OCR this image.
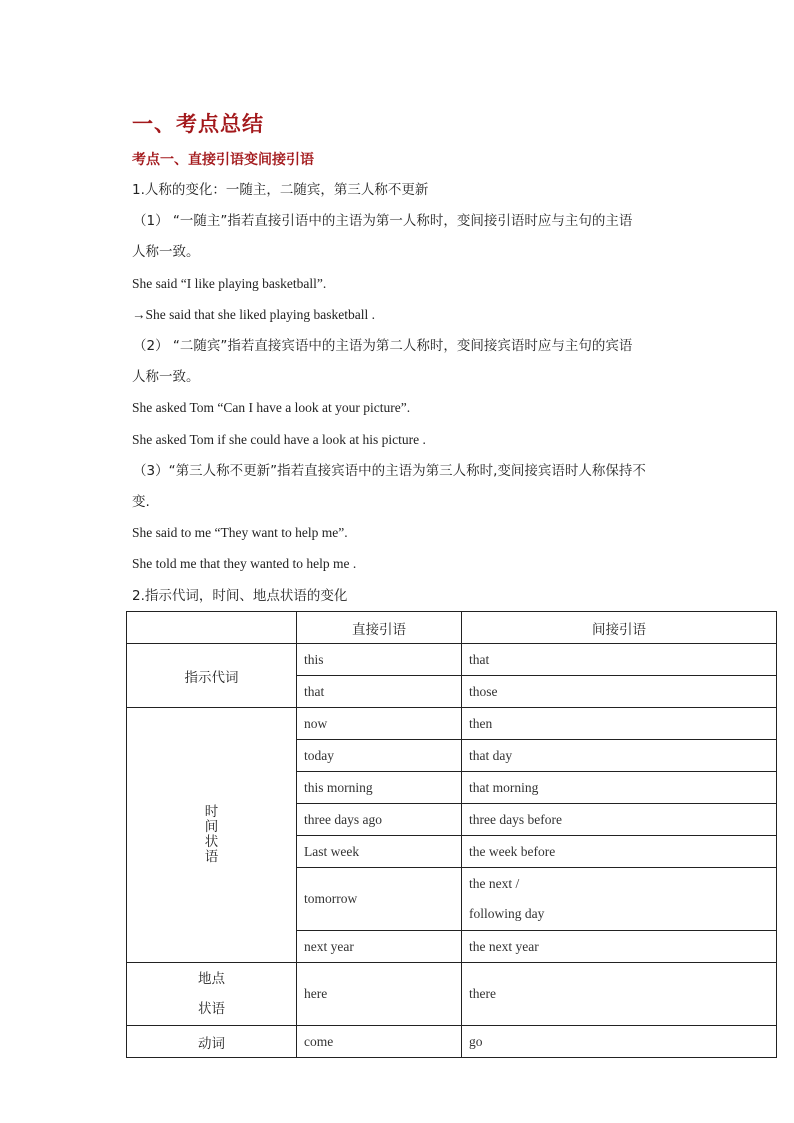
一、考点总结
考点一、直接引语变间接引语
1.人称的变化：一随主，二随宾，第三人称不更新
（1） “一随主”指若直接引语中的主语为第一人称时，变间接引语时应与主句的主语
人称一致。
She said “I like playing basketball”.
→She said that she liked playing basketball .
（2） “二随宾”指若直接宾语中的主语为第二人称时，变间接宾语时应与主句的宾语
人称一致。
She asked Tom “Can I have a look at your picture”.
She asked Tom if she could have a look at his picture .
（3）“第三人称不更新”指若直接宾语中的主语为第三人称时,变间接宾语时人称保持不
变.
She said to me “They want to help me”.
She told me that they wanted to help me .
2.指示代词，时间、地点状语的变化
	直接引语	间接引语
指示代词	this	that
	that	those
时间状语	now	then
	today	that day
	this morning	that morning
	three days ago	three days before
	Last week	the week before
	tomorrow	the next /
following day
	next year	the next year
地点
状语	here	there
动词	come	go
